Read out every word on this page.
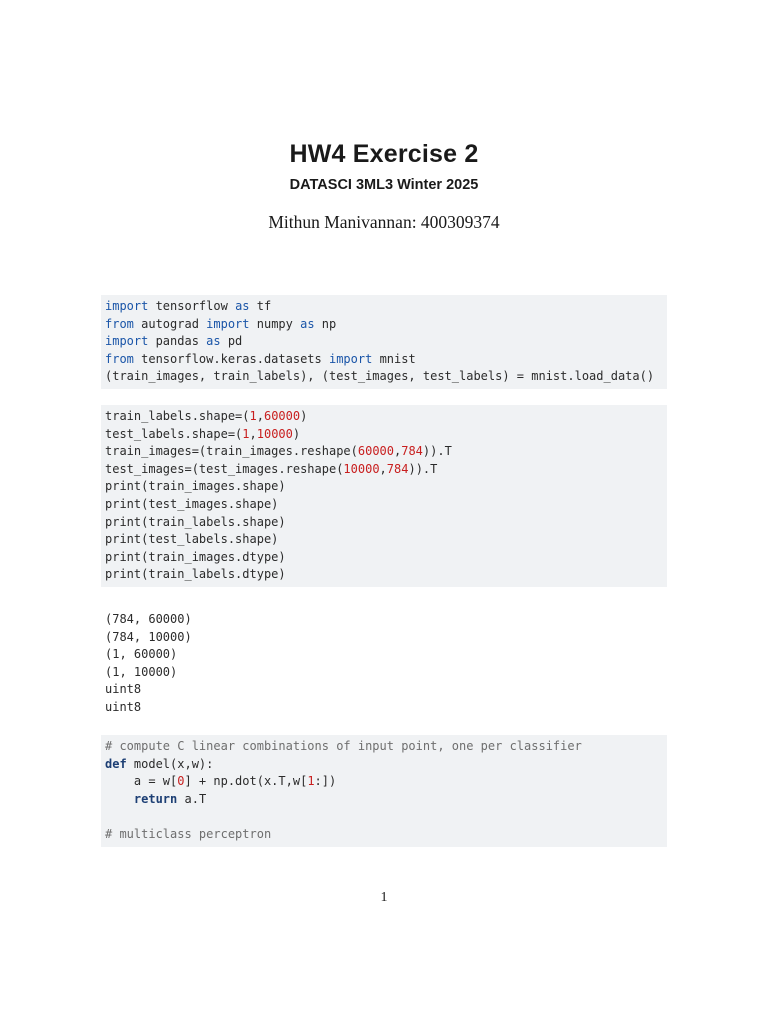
HW4 Exercise 2
DATASCI 3ML3 Winter 2025
Mithun Manivannan: 400309374
import tensorflow as tf
from autograd import numpy as np
import pandas as pd
from tensorflow.keras.datasets import mnist
(train_images, train_labels), (test_images, test_labels) = mnist.load_data()
train_labels.shape=(1,60000)
test_labels.shape=(1,10000)
train_images=(train_images.reshape(60000,784)).T
test_images=(test_images.reshape(10000,784)).T
print(train_images.shape)
print(test_images.shape)
print(train_labels.shape)
print(test_labels.shape)
print(train_images.dtype)
print(train_labels.dtype)
# compute C linear combinations of input point, one per classifier
def model(x,w):
a = w[0] + np.dot(x.T,w[1:])
return a.T
# multiclass perceptron
(784, 60000)
(784, 10000)
(1, 60000)
(1, 10000)
uint8
uint8
1
